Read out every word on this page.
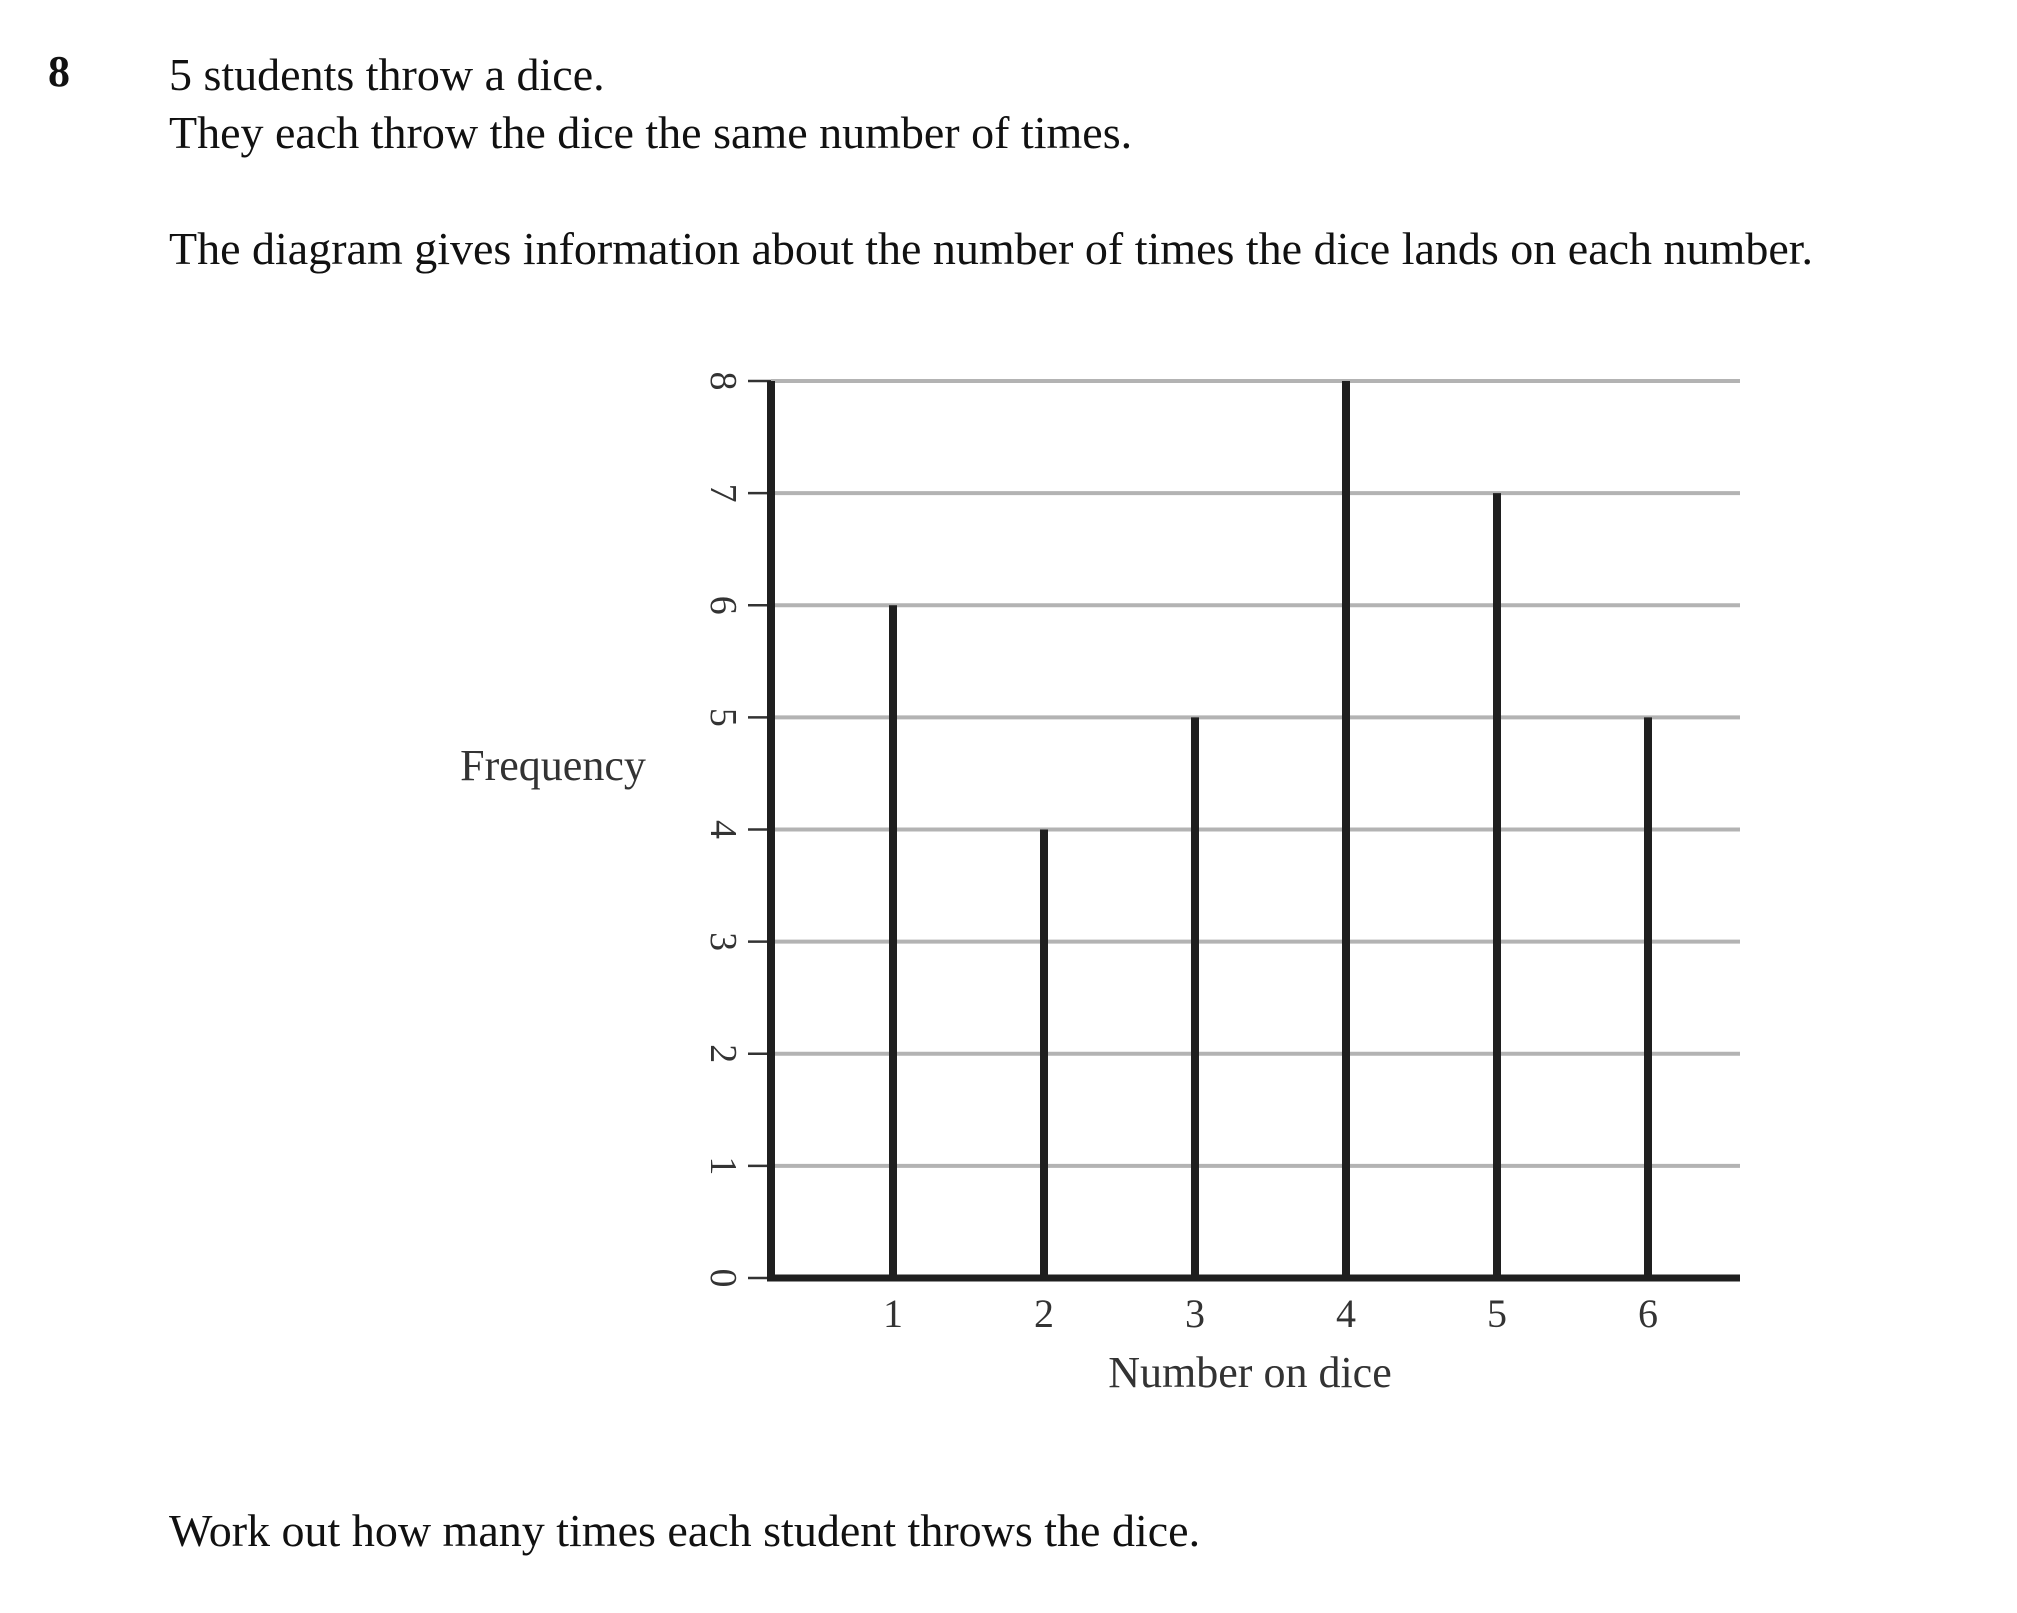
8 5 students throw a dice.
They each throw the dice the same number of times.
The diagram gives information about the number of times the dice lands on each number.
0
1
2
3
4
5
6
7
8
1	2	3	4	5	6
Frequency
Number on dice
Work out how many times each student throws the dice.
